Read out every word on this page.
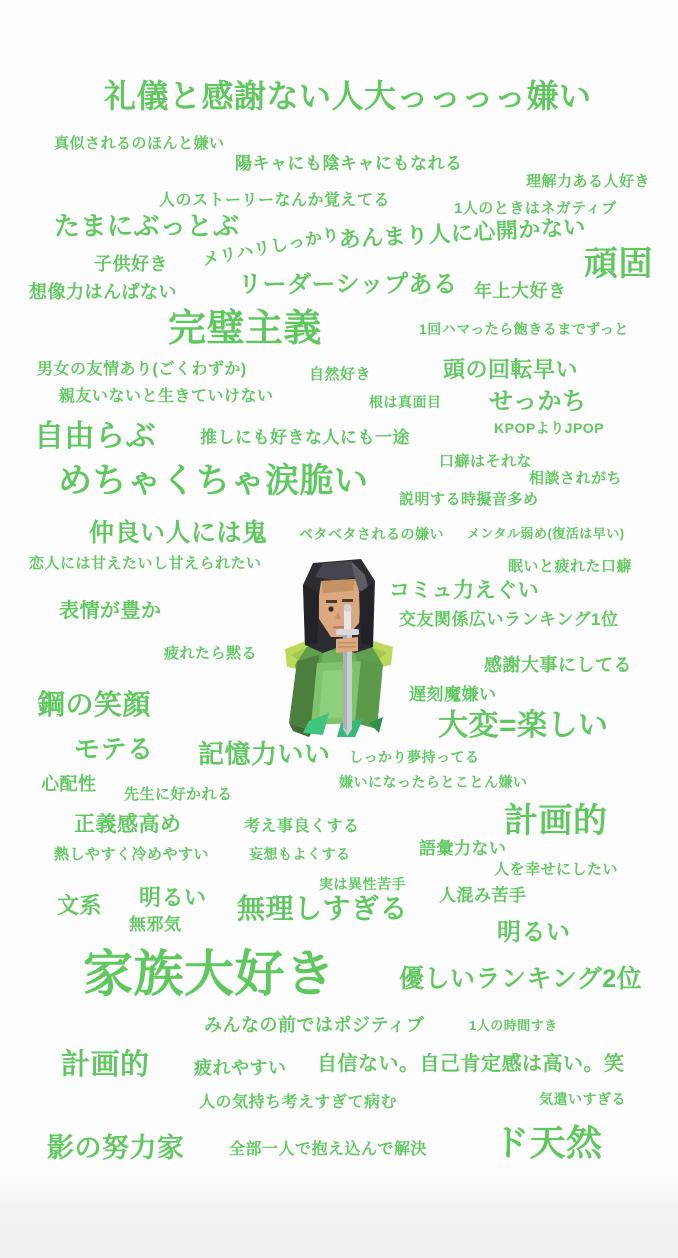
礼儀と感謝ない人大っっっっ嫌い
真似されるのほんと嫌い
陽キャにも陰キャにもなれる
理解力ある人好き
人のストーリーなんか覚えてる	1人のときはネガティブ
たまにぶっとぶ
メリハリしっかり
あんまり人に心開かない
頑固
子供好き
リーダーシップある 年上大好き
想像力はんぱない
完璧主義	1回ハマったら飽きるまでずっと
男女の友情あり(ごくわずか)	自然好き	頭の回転早い
親友いないと生きていけない	根は真面目 せっかち
自由らぶ	推しにも好きな人にも一途	KPOPよりJPOP
口癖はそれな
相談されがち
めちゃくちゃ涙脆い 説明する時擬音多め
仲良い人には鬼 ベタベタされるの嫌い メンタル弱め(復活は早い)
恋人には甘えたいし甘えられたい	眠いと疲れた口癖
コミュ力えぐい
表情が豊か	交友関係広いランキング1位
疲れたら黙る
感謝大事にしてる
遅刻魔嫌い
鋼の笑顔
大変=楽しい
モテる 記憶力いい しっかり夢持ってる
心配性	嫌いになったらとことん嫌い
先生に好かれる
正義感高め	考え事良くする	計画的
熱しやすく冷めやすい	妄想もよくする	語彙力ない
人を幸せにしたい
実は異性苦手
文系 明るい 無理しすぎる 人混み苦手
無邪気	明るい
家族大好き	優しいランキング2位
みんなの前ではポジティブ	1人の時間すき
計画的 疲れやすい 自信ない。自己肯定感は高い。笑
人の気持ち考えすぎて病む	気遣いすぎる
影の努力家	全部一人で抱え込んで解決 ド天然
